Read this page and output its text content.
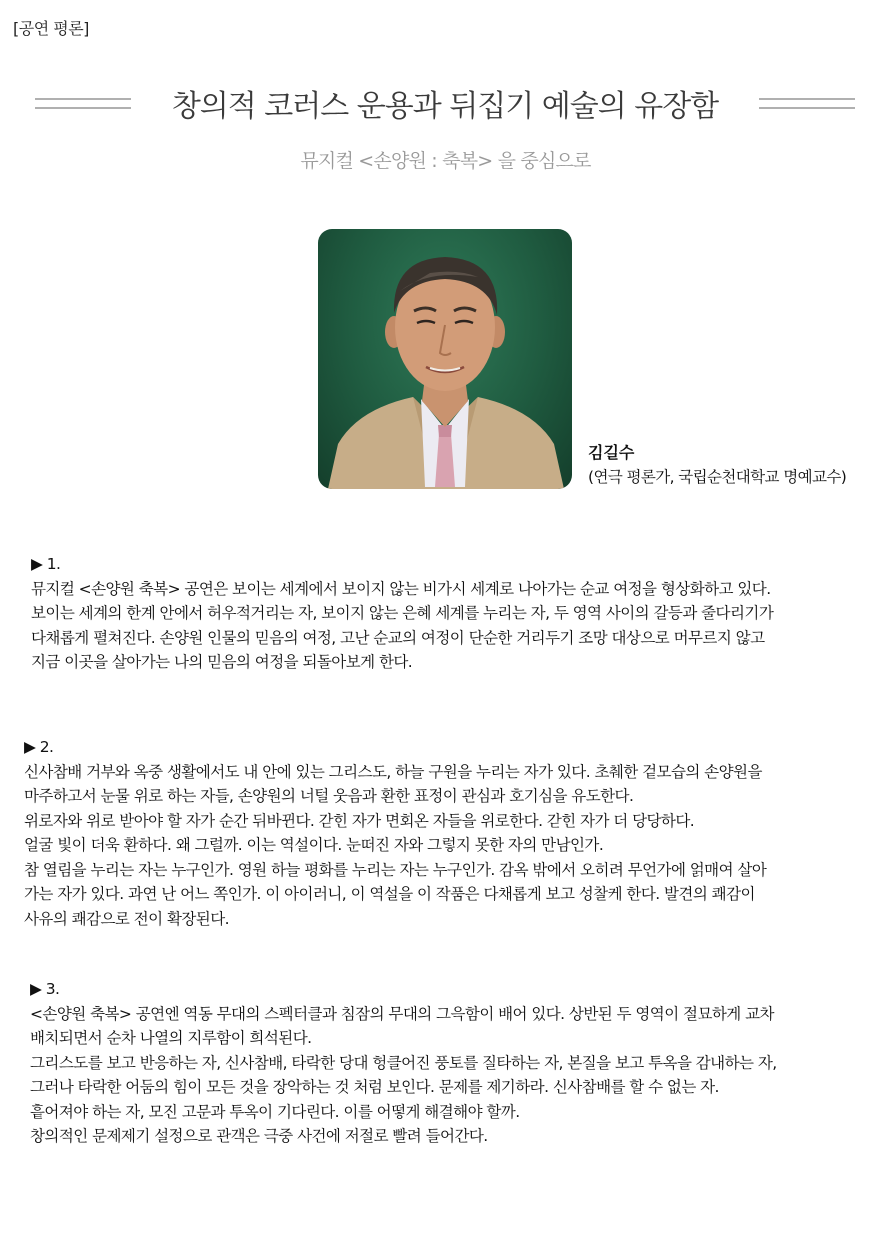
[공연 평론]
창의적 코러스 운용과 뒤집기 예술의 유장함
뮤지컬 <손양원 : 축복> 을 중심으로
김길수
(연극 평론가, 국립순천대학교 명예교수)
▶ 1.
뮤지컬 <손양원 축복> 공연은 보이는 세계에서 보이지 않는 비가시 세계로 나아가는 순교 여정을 형상화하고 있다.
보이는 세계의 한계 안에서 허우적거리는 자, 보이지 않는 은혜 세계를 누리는 자, 두 영역 사이의 갈등과 줄다리기가
다채롭게 펼쳐진다. 손양원 인물의 믿음의 여정, 고난 순교의 여정이 단순한 거리두기 조망 대상으로 머무르지 않고
지금 이곳을 살아가는 나의 믿음의 여정을 되돌아보게 한다.
▶ 2.
신사참배 거부와 옥중 생활에서도 내 안에 있는 그리스도, 하늘 구원을 누리는 자가 있다. 초췌한 겉모습의 손양원을
마주하고서 눈물 위로 하는 자들, 손양원의 너털 웃음과 환한 표정이 관심과 호기심을 유도한다.
위로자와 위로 받아야 할 자가 순간 뒤바뀐다. 갇힌 자가 면회온 자들을 위로한다. 갇힌 자가 더 당당하다.
얼굴 빛이 더욱 환하다. 왜 그럴까. 이는 역설이다. 눈떠진 자와 그렇지 못한 자의 만남인가.
참 열림을 누리는 자는 누구인가. 영원 하늘 평화를 누리는 자는 누구인가. 감옥 밖에서 오히려 무언가에 얽매여 살아
가는 자가 있다. 과연 난 어느 쪽인가. 이 아이러니, 이 역설을 이 작품은 다채롭게 보고 성찰케 한다. 발견의 쾌감이
사유의 쾌감으로 전이 확장된다.
▶ 3.
<손양원 축복> 공연엔 역동 무대의 스펙터클과 침잠의 무대의 그윽함이 배어 있다. 상반된 두 영역이 절묘하게 교차
배치되면서 순차 나열의 지루함이 희석된다.
그리스도를 보고 반응하는 자, 신사참배, 타락한 당대 헝클어진 풍토를 질타하는 자, 본질을 보고 투옥을 감내하는 자,
그러나 타락한 어둠의 힘이 모든 것을 장악하는 것 처럼 보인다. 문제를 제기하라. 신사참배를 할 수 없는 자.
흩어져야 하는 자, 모진 고문과 투옥이 기다린다. 이를 어떻게 해결해야 할까.
창의적인 문제제기 설정으로 관객은 극중 사건에 저절로 빨려 들어간다.
